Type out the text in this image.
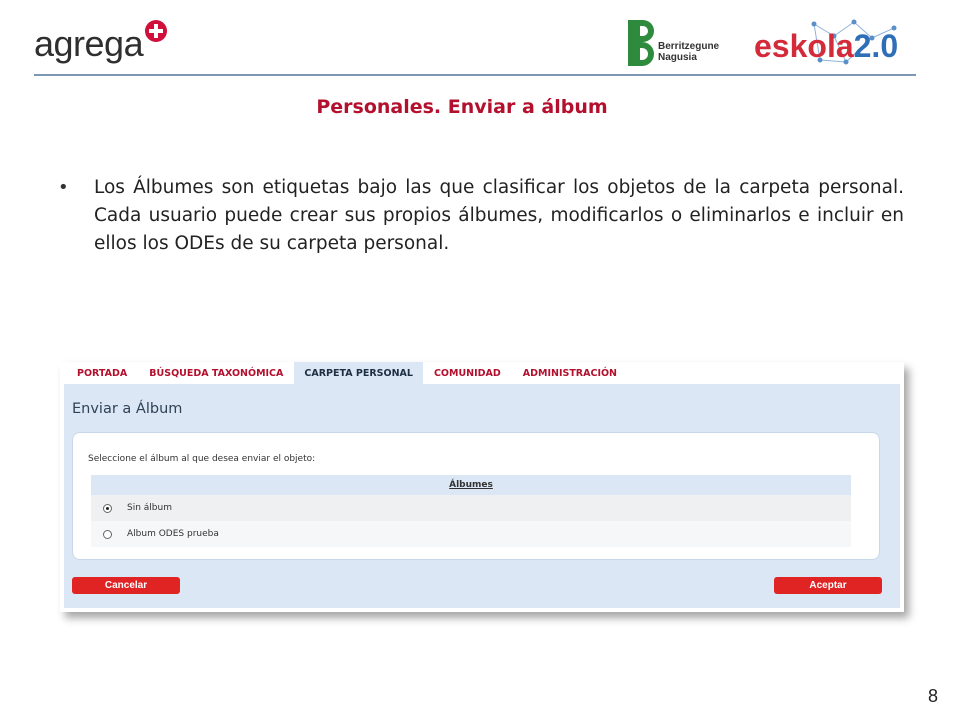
agrega	Berritzegune
Nagusia	eskola2.0
Personales. Enviar a álbum
•	Los Álbumes son etiquetas bajo las que clasificar los objetos de la carpeta personal. Cada usuario puede crear sus propios álbumes, modificarlos o eliminarlos e incluir en ellos los ODEs de su carpeta personal.
PORTADA	BÚSQUEDA TAXONÓMICA	CARPETA PERSONAL	COMUNIDAD	ADMINISTRACIÓN
Enviar a Álbum
Seleccione el álbum al que desea enviar el objeto:
Álbumes
Sin álbum
Album ODES prueba
Cancelar	Aceptar
8
